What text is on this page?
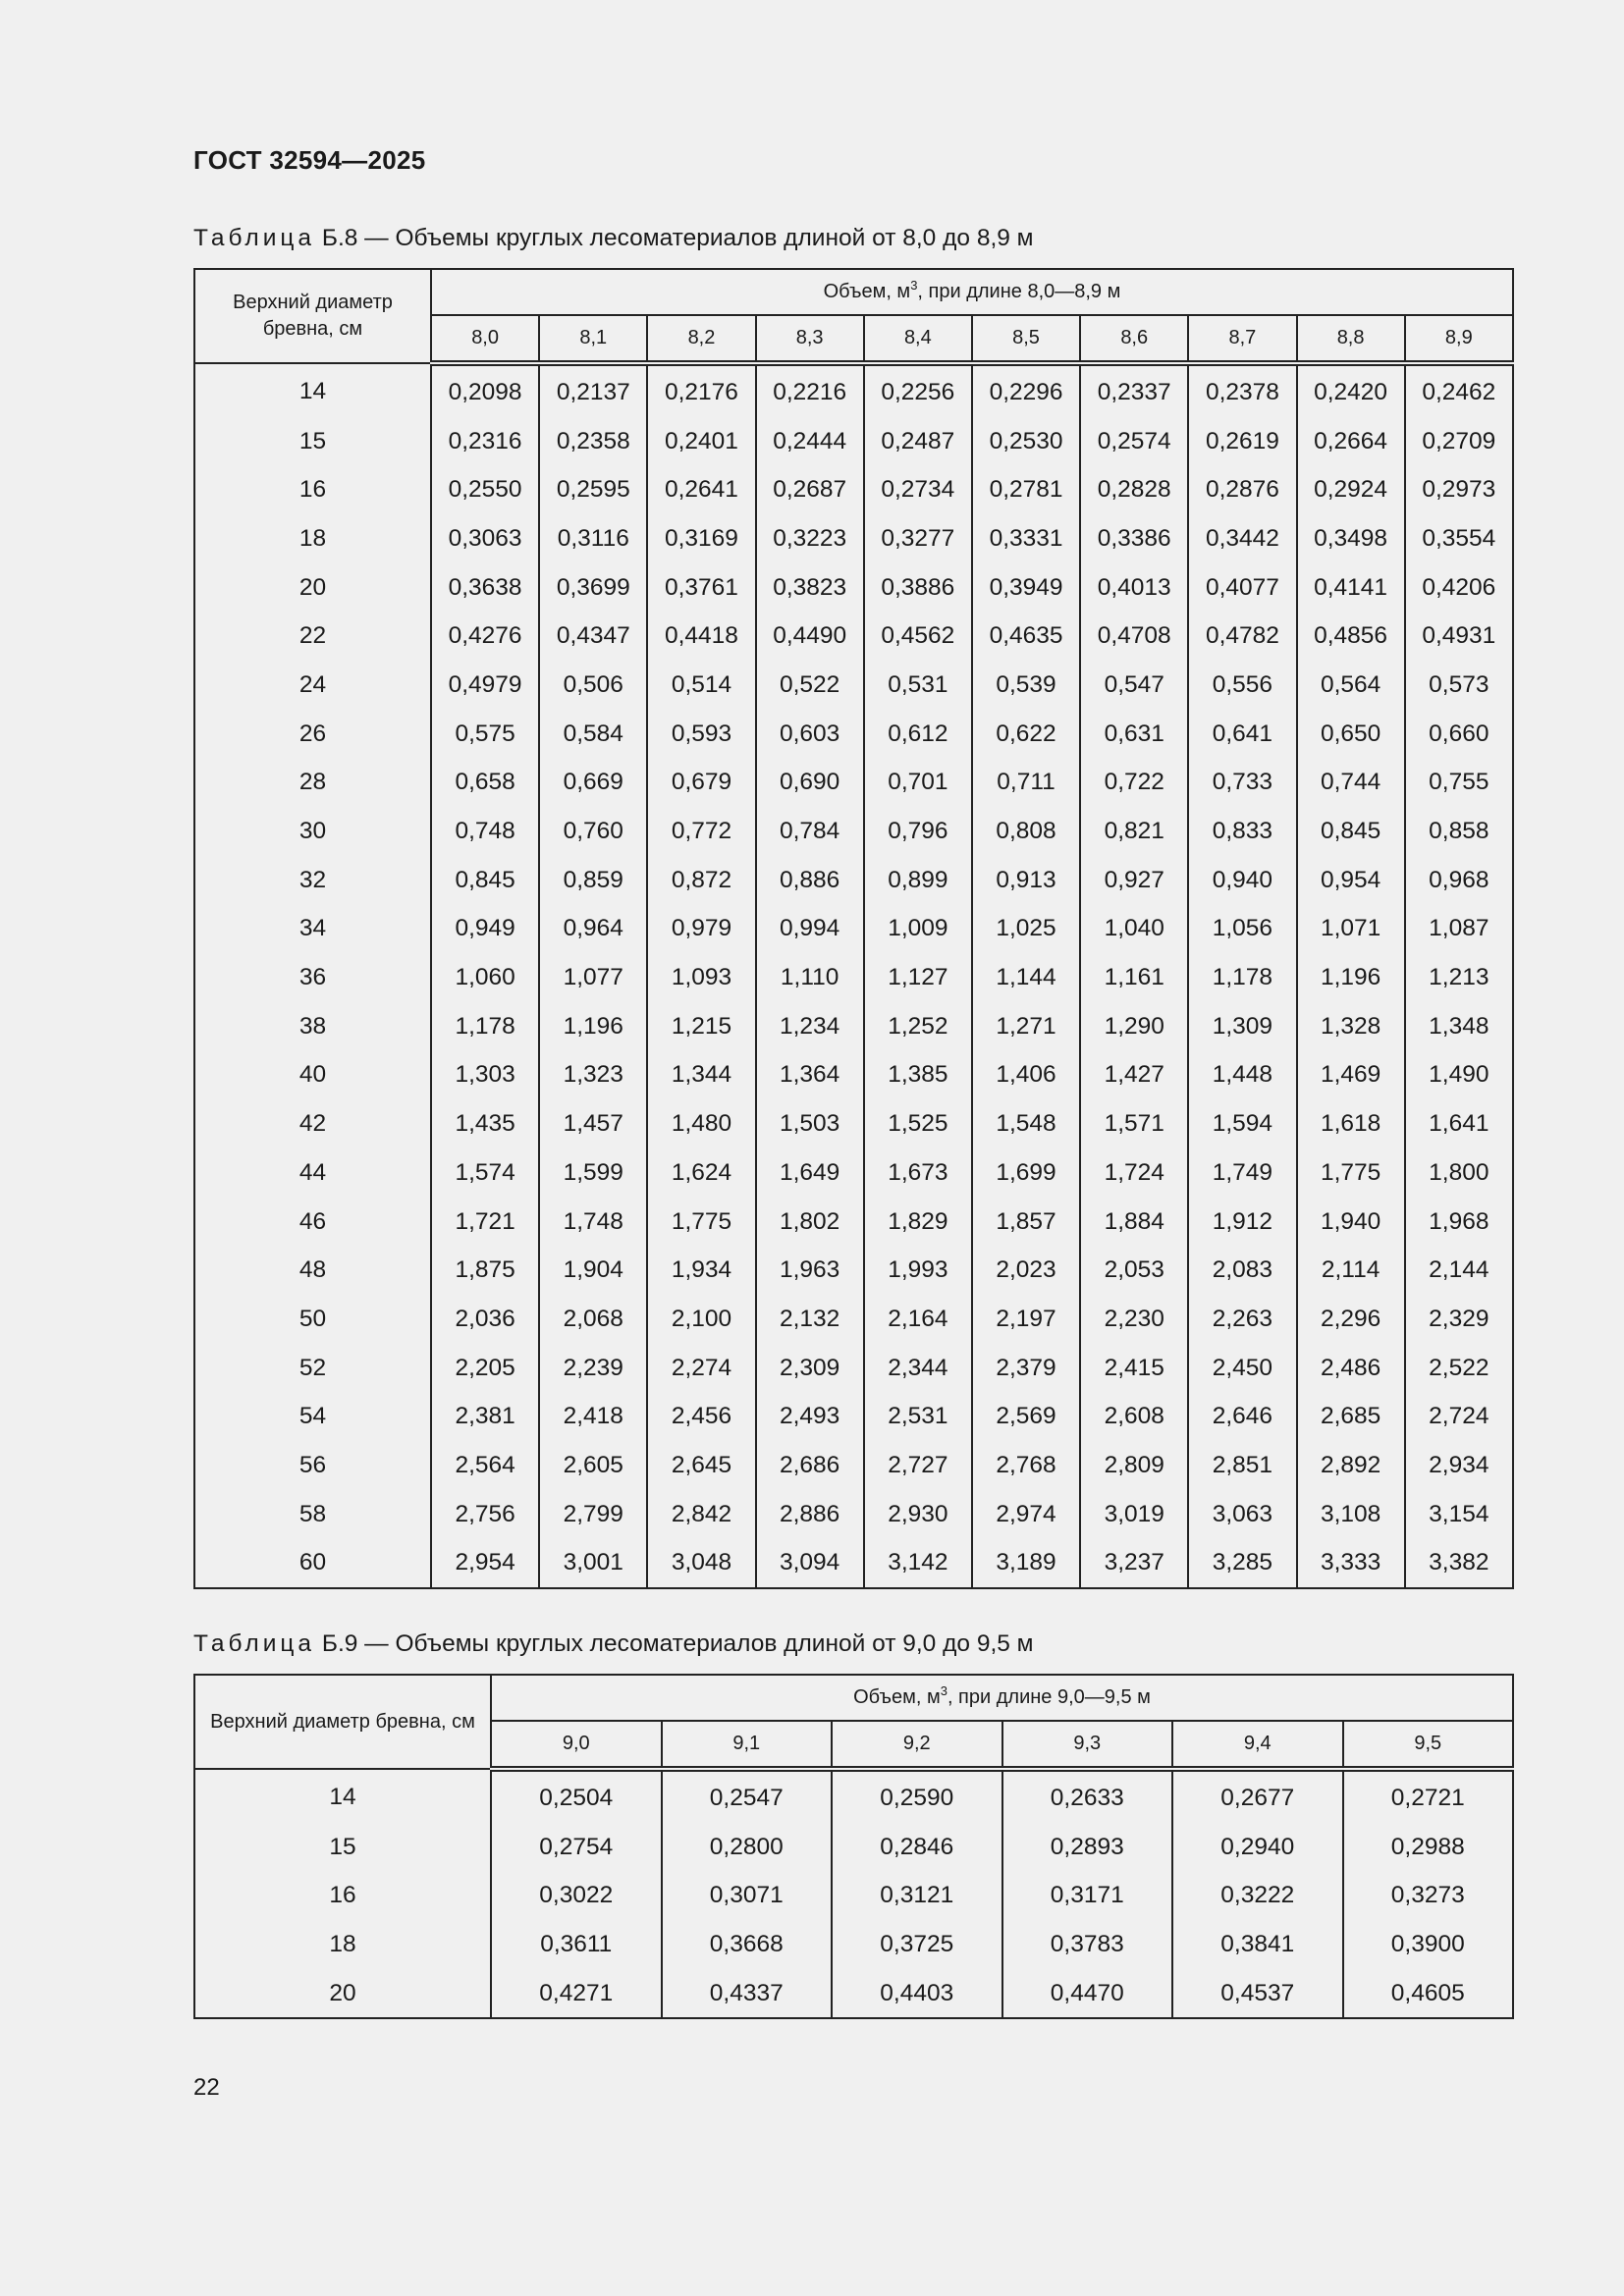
ГОСТ 32594—2025
Таблица Б.8 — Объемы круглых лесоматериалов длиной от 8,0 до 8,9 м
Верхний диаметр бревна, см	Объем, $м^3$, при длине 8,0—8,9 м									
	8,0	8,1	8,2	8,3	8,4	8,5	8,6	8,7	8,8	8,9
14	0,2098	0,2137	0,2176	0,2216	0,2256	0,2296	0,2337	0,2378	0,2420	0,2462
15	0,2316	0,2358	0,2401	0,2444	0,2487	0,2530	0,2574	0,2619	0,2664	0,2709
16	0,2550	0,2595	0,2641	0,2687	0,2734	0,2781	0,2828	0,2876	0,2924	0,2973
18	0,3063	0,3116	0,3169	0,3223	0,3277	0,3331	0,3386	0,3442	0,3498	0,3554
20	0,3638	0,3699	0,3761	0,3823	0,3886	0,3949	0,4013	0,4077	0,4141	0,4206
22	0,4276	0,4347	0,4418	0,4490	0,4562	0,4635	0,4708	0,4782	0,4856	0,4931
24	0,4979	0,506	0,514	0,522	0,531	0,539	0,547	0,556	0,564	0,573
26	0,575	0,584	0,593	0,603	0,612	0,622	0,631	0,641	0,650	0,660
28	0,658	0,669	0,679	0,690	0,701	0,711	0,722	0,733	0,744	0,755
30	0,748	0,760	0,772	0,784	0,796	0,808	0,821	0,833	0,845	0,858
32	0,845	0,859	0,872	0,886	0,899	0,913	0,927	0,940	0,954	0,968
34	0,949	0,964	0,979	0,994	1,009	1,025	1,040	1,056	1,071	1,087
36	1,060	1,077	1,093	1,110	1,127	1,144	1,161	1,178	1,196	1,213
38	1,178	1,196	1,215	1,234	1,252	1,271	1,290	1,309	1,328	1,348
40	1,303	1,323	1,344	1,364	1,385	1,406	1,427	1,448	1,469	1,490
42	1,435	1,457	1,480	1,503	1,525	1,548	1,571	1,594	1,618	1,641
44	1,574	1,599	1,624	1,649	1,673	1,699	1,724	1,749	1,775	1,800
46	1,721	1,748	1,775	1,802	1,829	1,857	1,884	1,912	1,940	1,968
48	1,875	1,904	1,934	1,963	1,993	2,023	2,053	2,083	2,114	2,144
50	2,036	2,068	2,100	2,132	2,164	2,197	2,230	2,263	2,296	2,329
52	2,205	2,239	2,274	2,309	2,344	2,379	2,415	2,450	2,486	2,522
54	2,381	2,418	2,456	2,493	2,531	2,569	2,608	2,646	2,685	2,724
56	2,564	2,605	2,645	2,686	2,727	2,768	2,809	2,851	2,892	2,934
58	2,756	2,799	2,842	2,886	2,930	2,974	3,019	3,063	3,108	3,154
60	2,954	3,001	3,048	3,094	3,142	3,189	3,237	3,285	3,333	3,382
Таблица Б.9 — Объемы круглых лесоматериалов длиной от 9,0 до 9,5 м
Верхний диаметр бревна, см	Объем, $м^3$, при длине 9,0—9,5 м					
	9,0	9,1	9,2	9,3	9,4	9,5
14	0,2504	0,2547	0,2590	0,2633	0,2677	0,2721
15	0,2754	0,2800	0,2846	0,2893	0,2940	0,2988
16	0,3022	0,3071	0,3121	0,3171	0,3222	0,3273
18	0,3611	0,3668	0,3725	0,3783	0,3841	0,3900
20	0,4271	0,4337	0,4403	0,4470	0,4537	0,4605
22
